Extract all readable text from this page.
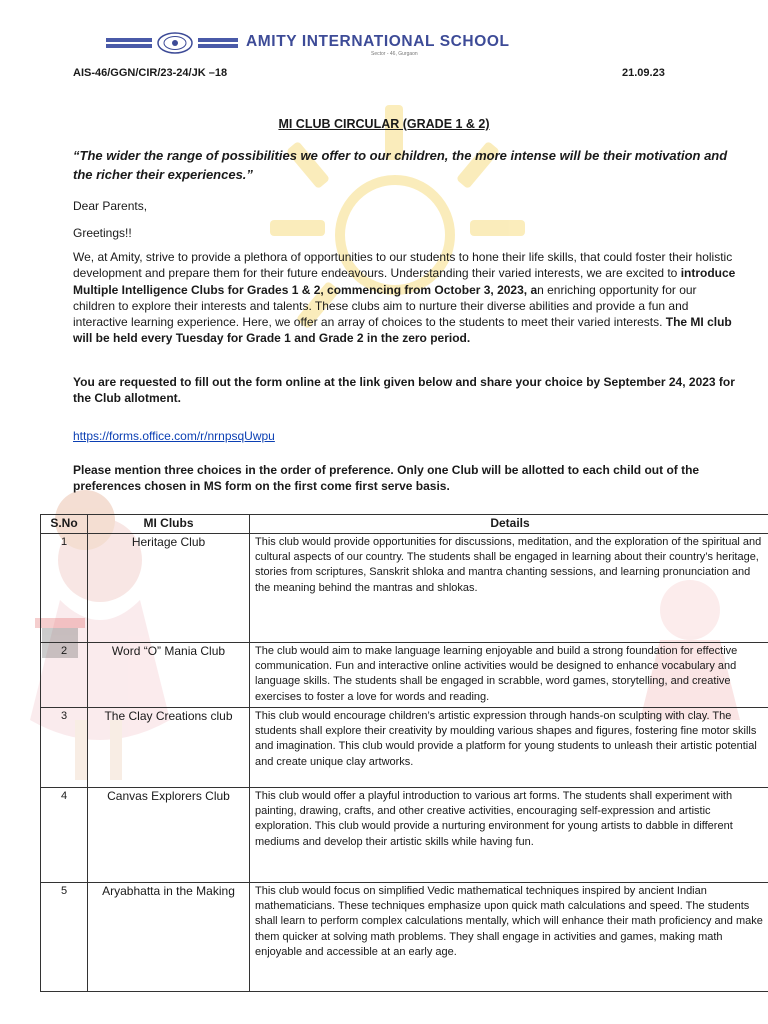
AMITY INTERNATIONAL SCHOOL
Sector - 46, Gurgaon
AIS-46/GGN/CIR/23-24/JK –18	21.09.23
MI CLUB CIRCULAR (GRADE 1 & 2)
“The wider the range of possibilities we offer to our children, the more intense will be their motivation and the richer their experiences.”

Dear Parents,

Greetings!!

We, at Amity, strive to provide a plethora of opportunities to our students to hone their life skills, that could foster their holistic development and prepare them for their future endeavours. Understanding their varied interests, we are excited to introduce Multiple Intelligence Clubs for Grades 1 & 2, commencing from October 3, 2023, an enriching opportunity for our children to explore their interests and talents. These clubs aim to nurture their diverse abilities and provide a fun and interactive learning experience. Here, we offer an array of choices to the students to meet their varied interests. The MI club will be held every Tuesday for Grade 1 and Grade 2 in the zero period.

You are requested to fill out the form online at the link given below and share your choice by September 24, 2023 for the Club allotment.

https://forms.office.com/r/nrnpsqUwpu

Please mention three choices in the order of preference. Only one Club will be allotted to each child out of the preferences chosen in MS form on the first come first serve basis.

S.No	MI Clubs	Details
1	Heritage Club	This club would provide opportunities for discussions, meditation, and the exploration of the spiritual and cultural aspects of our country. The students shall be engaged in learning about their country’s heritage, stories from scriptures, Sanskrit shloka and mantra chanting sessions, and learning pronunciation and the meaning behind the mantras and shlokas.
2	Word “O” Mania Club	The club would aim to make language learning enjoyable and build a strong foundation for effective communication. Fun and interactive online activities would be designed to enhance vocabulary and language skills. The students shall be engaged in scrabble, word games, storytelling, and creative exercises to foster a love for words and reading.
3	The Clay Creations club	This club would encourage children’s artistic expression through hands-on sculpting with clay. The students shall explore their creativity by moulding various shapes and figures, fostering fine motor skills and imagination. This club would provide a platform for young students to unleash their artistic potential and create unique clay artworks.
4	Canvas Explorers Club	This club would offer a playful introduction to various art forms. The students shall experiment with painting, drawing, crafts, and other creative activities, encouraging self-expression and artistic exploration. This club would provide a nurturing environment for young artists to dabble in different mediums and develop their artistic skills while having fun.
5	Aryabhatta in the Making	This club would focus on simplified Vedic mathematical techniques inspired by ancient Indian mathematicians. These techniques emphasize upon quick math calculations and speed. The students shall learn to perform complex calculations mentally, which will enhance their math proficiency and make them quicker at solving math problems. They shall engage in activities and games, making math enjoyable and accessible at an early age.
